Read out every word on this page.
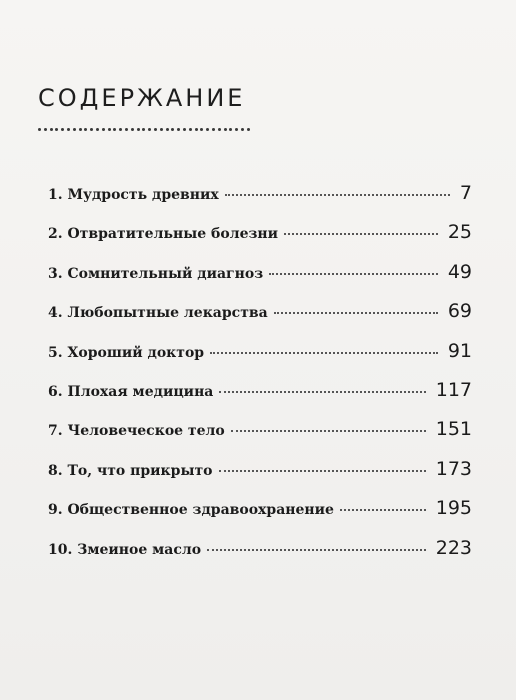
СОДЕРЖАНИЕ
1. Мудрость древних	7
2. Отвратительные болезни	25
3. Сомнительный диагноз	49
4. Любопытные лекарства	69
5. Хороший доктор	91
6. Плохая медицина	117
7. Человеческое тело	151
8. То, что прикрыто	173
9. Общественное здравоохранение	195
10. Змеиное масло	223
